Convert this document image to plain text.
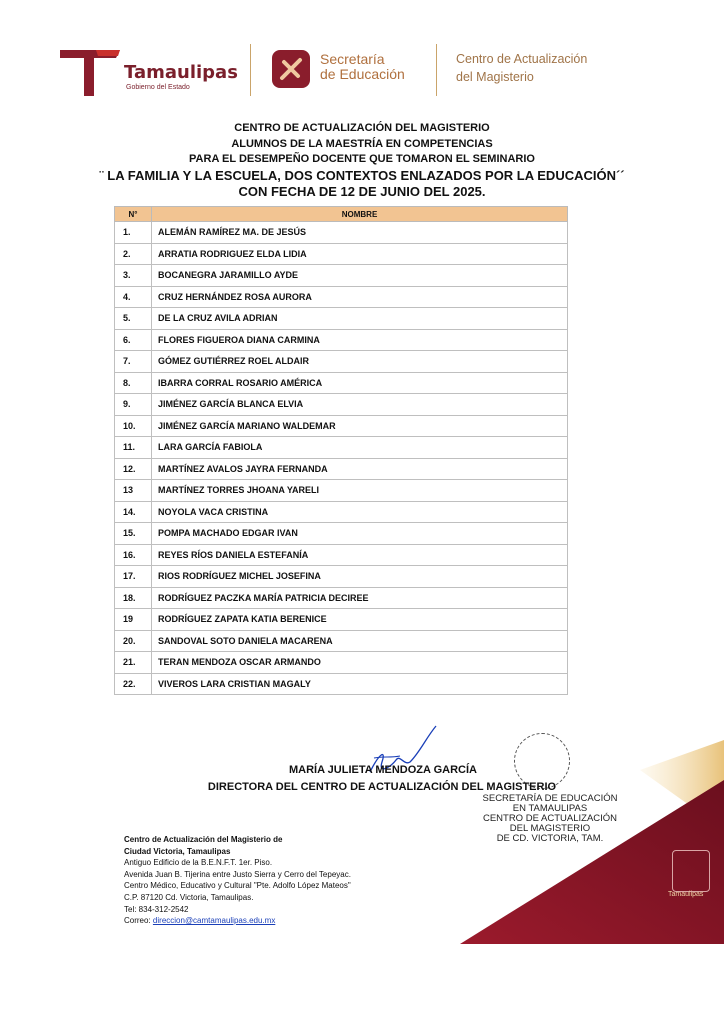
Tamaulipas
Gobierno del Estado
Secretaría
de Educación
Centro de Actualización
del Magisterio
CENTRO DE ACTUALIZACIÓN DEL MAGISTERIO
ALUMNOS DE LA MAESTRÍA EN COMPETENCIAS
PARA EL DESEMPEÑO DOCENTE QUE TOMARON EL SEMINARIO
¨ LA FAMILIA Y LA ESCUELA, DOS CONTEXTOS ENLAZADOS POR LA EDUCACIÓN´´
CON FECHA DE 12 DE JUNIO DEL 2025.
N°	NOMBRE
1.	ALEMÁN RAMÍREZ MA. DE JESÚS
2.	ARRATIA RODRIGUEZ ELDA LIDIA
3.	BOCANEGRA JARAMILLO AYDE
4.	CRUZ HERNÁNDEZ ROSA AURORA
5.	DE LA CRUZ AVILA ADRIAN
6.	FLORES FIGUEROA DIANA CARMINA
7.	GÓMEZ GUTIÉRREZ ROEL ALDAIR
8.	IBARRA CORRAL ROSARIO AMÉRICA
9.	JIMÉNEZ GARCÍA BLANCA ELVIA
10.	JIMÉNEZ GARCÍA MARIANO WALDEMAR
11.	LARA GARCÍA FABIOLA
12.	MARTÍNEZ AVALOS JAYRA FERNANDA
13	MARTÍNEZ TORRES JHOANA YARELI
14.	NOYOLA VACA CRISTINA
15.	POMPA MACHADO EDGAR IVAN
16.	REYES RÍOS DANIELA ESTEFANÍA
17.	RIOS RODRÍGUEZ MICHEL JOSEFINA
18.	RODRÍGUEZ PACZKA MARÍA PATRICIA DECIREE
19	RODRÍGUEZ ZAPATA KATIA BERENICE
20.	SANDOVAL SOTO DANIELA MACARENA
21.	TERAN MENDOZA OSCAR ARMANDO
22.	VIVEROS LARA CRISTIAN MAGALY
MARÍA JULIETA MENDOZA GARCÍA
DIRECTORA DEL CENTRO DE ACTUALIZACIÓN DEL MAGISTERIO
SECRETARÍA DE EDUCACIÓN
EN TAMAULIPAS
CENTRO DE ACTUALIZACIÓN
DEL MAGISTERIO
DE CD. VICTORIA, TAM.
Centro de Actualización del Magisterio de
Ciudad Victoria, Tamaulipas
Antiguo Edificio de la B.E.N.F.T. 1er. Piso.
Avenida Juan B. Tijerina entre Justo Sierra y Cerro del Tepeyac.
Centro Médico, Educativo y Cultural "Pte. Adolfo López Mateos"
C.P. 87120 Cd. Victoria, Tamaulipas.
Tel: 834-312-2542
Correo: direccion@camtamaulipas.edu.mx
Tamaulipas
